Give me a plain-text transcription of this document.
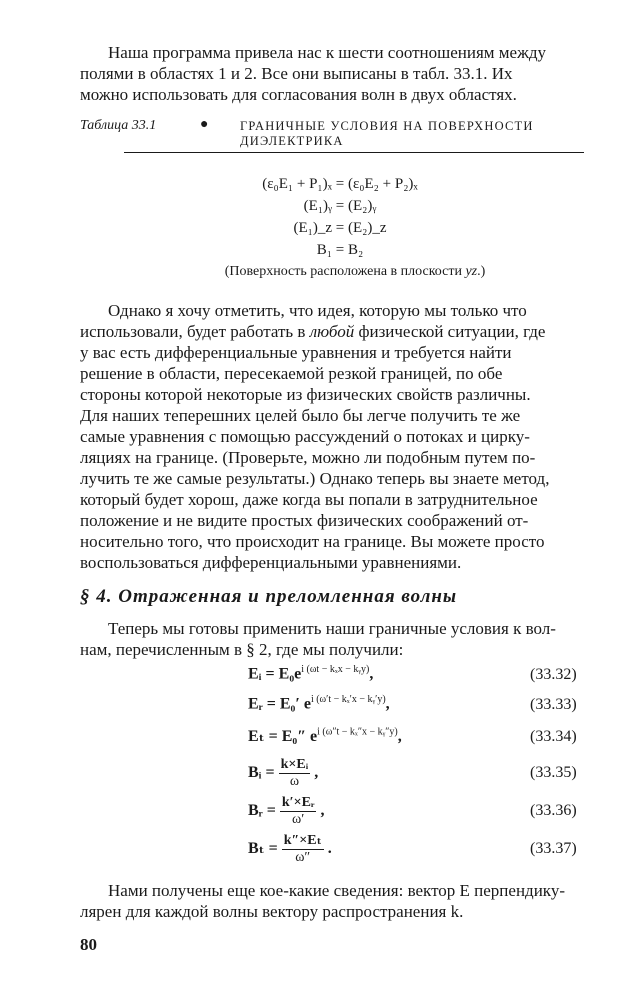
Наша программа привела нас к шести соотношениям между
полями в областях 1 и 2. Все они выписаны в табл. 33.1. Их
можно использовать для согласования волн в двух областях.
Таблица 33.1	●	ГРАНИЧНЫЕ УСЛОВИЯ НА ПОВЕРХНОСТИ
ДИЭЛЕКТРИКА
(ε₀E₁ + P₁)ₓ = (ε₀E₂ + P₂)ₓ
(E₁)ᵧ = (E₂)ᵧ
(E₁)_z = (E₂)_z
B₁ = B₂
(Поверхность расположена в плоскости yz.)
Однако я хочу отметить, что идея, которую мы только что
использовали, будет работать в любой физической ситуации, где
у вас есть дифференциальные уравнения и требуется найти
решение в области, пересекаемой резкой границей, по обе
стороны которой некоторые из физических свойств различны.
Для наших теперешних целей было бы легче получить те же
самые уравнения с помощью рассуждений о потоках и цирку-
ляциях на границе. (Проверьте, можно ли подобным путем по-
лучить те же самые результаты.) Однако теперь вы знаете метод,
который будет хорош, даже когда вы попали в затруднительное
положение и не видите простых физических соображений от-
носительно того, что происходит на границе. Вы можете просто
воспользоваться дифференциальными уравнениями.
§ 4. Отраженная и преломленная волны
Теперь мы готовы применить наши граничные условия к вол-
нам, перечисленным в § 2, где мы получили:
Eᵢ = $E_0e^{i (\omega t - k_xx - kᵧy)}$,	(33.32)
Eᵣ = E₀′ $e^{i (\omega't - k_x'x - kᵧ'y)}$,	(33.33)
Eₜ = E₀″ $e^{i (\omega''t - k_x''x - kᵧ''y)}$,	(33.34)
Bᵢ = $\frac{\text{k×Eᵢ}}{\omega}$ ,	(33.35)
Bᵣ = $\frac{\text{k′×Eᵣ}}{\omega'}$ ,	(33.36)
$B_t = \frac{\text{k″×Eₜ}}{\omega''}$ .	(33.37)
Нами получены еще кое-какие сведения: вектор E перпендику-
лярен для каждой волны вектору распространения k.
80
